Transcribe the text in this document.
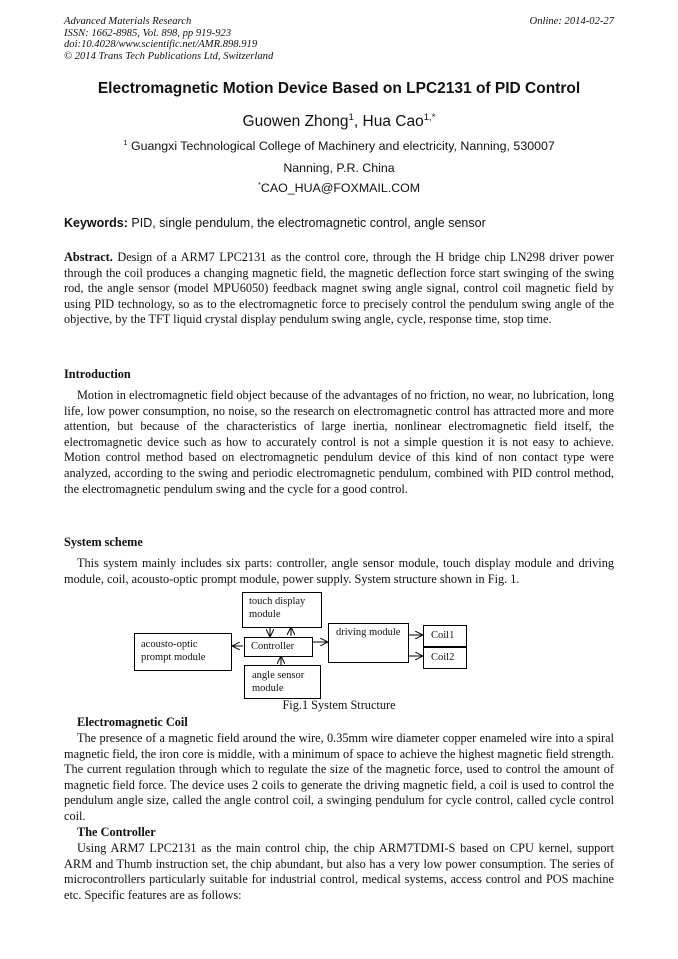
Advanced Materials Research
ISSN: 1662-8985, Vol. 898, pp 919-923
doi:10.4028/www.scientific.net/AMR.898.919
© 2014 Trans Tech Publications Ltd, Switzerland
Online: 2014-02-27
Electromagnetic Motion Device Based on LPC2131 of PID Control
Guowen Zhong$^1$, Hua Cao$^{1,*}$
$^1$ Guangxi Technological College of Machinery and electricity, Nanning, 530007
Nanning, P.R. China
*CAO_HUA@FOXMAIL.COM
Keywords: PID, single pendulum, the electromagnetic control, angle sensor

Abstract. Design of a ARM7 LPC2131 as the control core, through the H bridge chip LN298 driver power through the coil produces a changing magnetic field, the magnetic deflection force start swinging of the swing rod, the angle sensor (model MPU6050) feedback magnet swing angle signal, control coil magnetic field by using PID technology, so as to the electromagnetic force to precisely control the pendulum swing angle of the objective, by the TFT liquid crystal display pendulum swing angle, cycle, response time, stop time.

Introduction
Motion in electromagnetic field object because of the advantages of no friction, no wear, no lubrication, long life, low power consumption, no noise, so the research on electromagnetic control has attracted more and more attention, but because of the characteristics of large inertia, nonlinear electromagnetic field itself, the electromagnetic device such as how to accurately control is not a simple question it is not easy to achieve. Motion control method based on electromagnetic pendulum device of this kind of non contact type were analyzed, according to the swing and periodic electromagnetic pendulum, combined with PID control method, the electromagnetic pendulum swing and the cycle for a good control.
System scheme
This system mainly includes six parts: controller, angle sensor module, touch display module and driving module, coil, acousto-optic prompt module, power supply. System structure shown in Fig. 1.
touch display module
acousto-optic prompt module
Controller
driving module	Coil1
Coil2
angle sensor module
Fig.1 System Structure
Electromagnetic Coil
The presence of a magnetic field around the wire, 0.35mm wire diameter copper enameled wire into a spiral magnetic field, the iron core is middle, with a minimum of space to achieve the highest magnetic field strength. The current regulation through which to regulate the size of the magnetic force, used to control the amount of magnetic field force. The device uses 2 coils to generate the driving magnetic field, a coil is used to control the pendulum angle size, called the angle control coil, a swinging pendulum for cycle control, called cycle control coil.
The Controller
Using ARM7 LPC2131 as the main control chip, the chip ARM7TDMI-S based on CPU kernel, support ARM and Thumb instruction set, the chip abundant, but also has a very low power consumption. The series of microcontrollers particularly suitable for industrial control, medical systems, access control and POS machine etc. Specific features are as follows:
